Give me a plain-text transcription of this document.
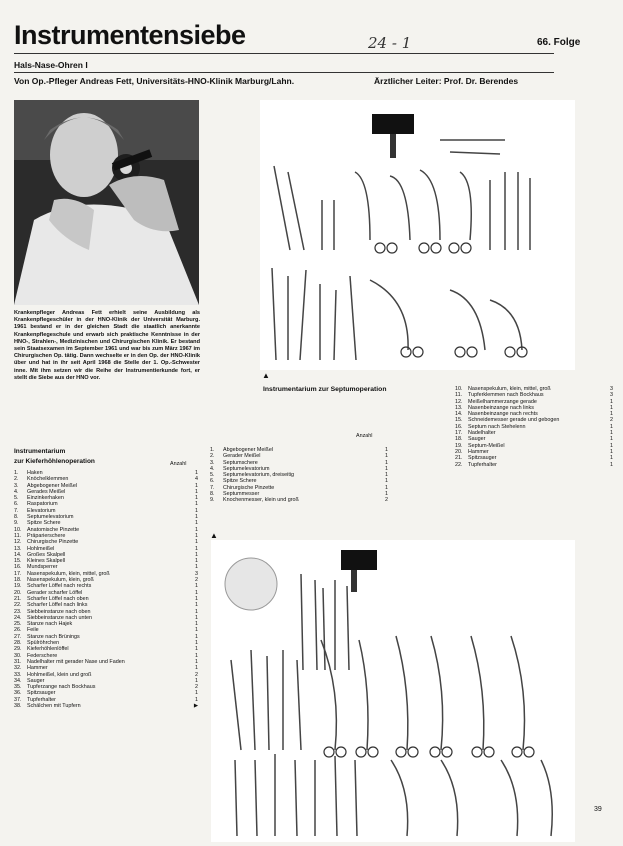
Instrumentensiebe	24 - 1	66. Folge
Hals-Nase-Ohren I
Von Op.-Pfleger Andreas Fett, Universitäts-HNO-Klinik Marburg/Lahn.	Ärztlicher Leiter: Prof. Dr. Berendes
Krankenpfleger Andreas Fett erhielt seine Ausbildung als Krankenpflegeschüler in der HNO-Klinik der Universität Marburg. 1961 bestand er in der gleichen Stadt die staatlich anerkannte Krankenpflegeschule und erwarb sich praktische Kenntnisse in der HNO-, Strahlen-, Medizinischen und Chirurgischen Klinik. Er bestand sein Staatsexamen im September 1961 und war bis zum März 1967 im Chirurgischen Op. tätig. Dann wechselte er in den Op. der HNO-Klinik über und hat in ihr seit April 1968 die Stelle der 1. Op.-Schwester inne. Mit ihm setzen wir die Reihe der Instrumentierkunde fort, er stellt die Siebe aus der HNO vor.	▲
Instrumentarium zur Septumoperation
Anzahl
1.	Abgebogener Meißel	1
2.	Gerader Meißel	1
3.	Septumschere	1
4.	Septumelevatorium	1
5.	Septumelevatorium, dreiseitig	1
6.	Spitze Schere	1
7.	Chirurgische Pinzette	1
8.	Septummesser	1
9.	Knochenmesser, klein und groß	2
10.	Nasenspekulum, klein, mittel, groß	3
11.	Tupferklemmen nach Bockhaus	3
12.	Meißelhammerzange gerade	1
13.	Nasenbeinzange nach links	1
14.	Nasenbeinzange nach rechts	1
15.	Schneidemesser gerade und gebogen	2
16.	Septum nach Stehelenn	1
17.	Nadelhalter	1
18.	Sauger	1
19.	Septum-Meißel	1
20.	Hammer	1
21.	Spitzsauger	1
22.	Tupferhalter	1
Instrumentarium
zur Kieferhöhlenoperation	Anzahl
1.	Haken	1
2.	Knöchelklemmen	4
3.	Abgebogener Meißel	1
4.	Gerades Meißel	1
5.	Einzinkerhaken	1
6.	Raspatorium	1
7.	Elevatorium	1
8.	Septumelevatorium	1
9.	Spitze Schere	1
10.	Anatomische Pinzette	1
11.	Präparierschere	1
12.	Chirurgische Pinzette	1
13.	Hohlmeißel	1
14.	Großes Skalpell	1
15.	Kleines Skalpell	1
16.	Mundsperrer	1
17.	Nasenspekulum, klein, mittel, groß	3
18.	Nasenspekulum, klein, groß	2
19.	Scharfer Löffel nach rechts	1
20.	Gerader scharfer Löffel	1
21.	Scharfer Löffel nach oben	1
22.	Scharfer Löffel nach links	1
23.	Siebbeinstanze nach oben	1
24.	Siebbeinstanze nach unten	1
25.	Stanze nach Hajek	1
26.	Feile	1
27.	Stanze nach Brünings	1
28.	Spülröhrchen	1
29.	Kieferhöhlenlöffel	1
30.	Federschere	1
31.	Nadelhalter mit gerader Nase und Faden	1
32.	Hammer	1
33.	Hohlmeißel, klein und groß	2
34.	Sauger	1
35.	Tupferzange nach Bockhaus	2
36.	Spitzsauger	1
37.	Tupferhalter	1
38.	Schälchen mit Tupfern	▶
▲
39
